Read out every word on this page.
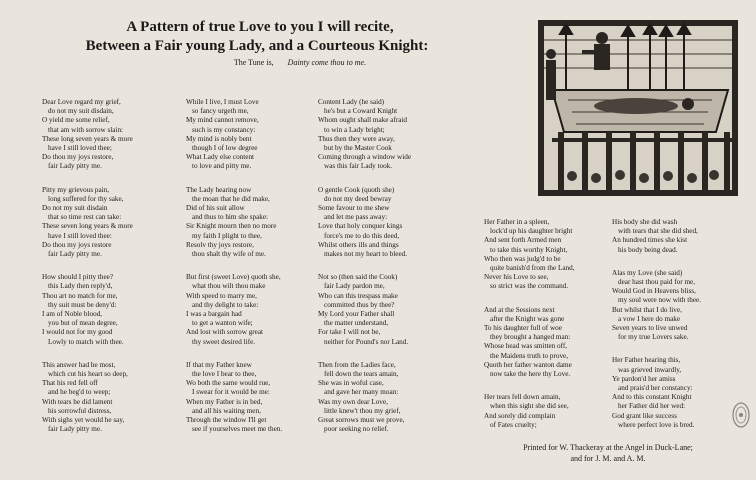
A Pattern of true Love to you I will recite,
Between a Fair young Lady, and a Courteous Knight:
The Tune is, Dainty come thou to me.
Dear Love regard my grief,
do not my suit disdain,
O yield me some relief,
that am with sorrow slain:
These long seven years & more
have I still loved thee;
Do thou my joys restore,
fair Lady pitty me.
Pitty my grievous pain,
long suffered for thy sake,
Do not my suit disdain
that so time rest can take:
These seven long years & more
have I still loved thee:
Do thou my joys restore
fair Lady pitty me.
How should I pitty thee?
this Lady then reply'd,
Thou art no match for me,
thy suit must be deny'd:
I am of Noble blood,
you but of mean degree,
I would not for my good
Lowly to match with thee.
This answer had he most,
which cut his heart so deep,
That his red fell off
and he beg'd to weep;
With tears he did lament
his sorrowful distress,
With sighs yet would he say,
fair Lady pitty me.
While I live, I must Love
so fancy urgeth me,
My mind cannot remove,
such is my constancy:
My mind is nobly bent
though I of low degree
What Lady else content
to love and pitty me.
The Lady hearing now
the moan that he did make,
Did of his suit allow
and thus to him she spake:
Sir Knight mourn then no more
my faith I plight to thee,
Resolv thy joys restore,
thou shalt thy wife of me.
But first (sweet Love) quoth she,
what thou wilt thou make
With speed to marry me,
and thy delight to take:
I was a bargain had
to get a wanton wife;
And lost with sorrow great
thy sweet desired life.
If that my Father knew
the love I bear to thee,
Wo both the same would rue,
I swear for it would be me:
When my Father is in bed,
and all his waiting men,
Through the window I'll get
see if yourselves meet me then.
Content Lady (he said)
he's but a Coward Knight
Whom ought shall make afraid
to win a Lady bright;
Thus then they were away,
but by the Master Cook
Coming through a window wide
was this fair Lady took.
O gentle Cook (quoth she)
do not my deed bewray
Some favour to me shew
and let me pass away:
Love that holy conquer kings
force's me to do this deed,
Whilst others ills and things
makes not my heart to bleed.
Not so (then said the Cook)
fair Lady pardon me,
Who can this trespass make
committed thus by thee?
My Lord your Father shall
the matter understand,
For take I will not be,
neither for Pound's nor Land.
Then from the Ladies face,
fell down the tears amain,
She was in woful case,
and gave her many moan:
Was my own dear Love,
little knew't thou my grief,
Great sorrows must we prove,
poor seeking no relief.
Her Father in a spleen,
lock'd up his daughter bright
And sent forth Armed men
to take this worthy Knight,
Who then was judg'd to be
quite banish'd from the Land,
Never his Love to see,
so strict was the command.
And at the Sessions next
after the Knight was gone
To his daughter full of woe
they brought a hanged man:
Whose head was smitten off,
the Maidens truth to prove,
Quoth her father wanton dame
now take the here thy Love.
Her tears fell down amain,
when this sight she did see,
And sorely did complain
of Fates cruelty;
His body she did wash
with tears that she did shed,
An hundred times she kist
his body being dead.
Alas my Love (she said)
dear hast thou paid for me,
Would God in Heavens bliss,
my soul were now with thee.
But whilst that I do live,
a vow I here do make
Seven years to live unwed
for my true Lovers sake.
Her Father hearing this,
was grieved inwardly,
Ye pardon'd her amiss
and prais'd her constancy:
And to this constant Knight
her Father did her wed:
God grant like success
where perfect love is bred.
Printed for W. Thackeray at the Angel in Duck-Lane;
and for J. M. and A. M.
